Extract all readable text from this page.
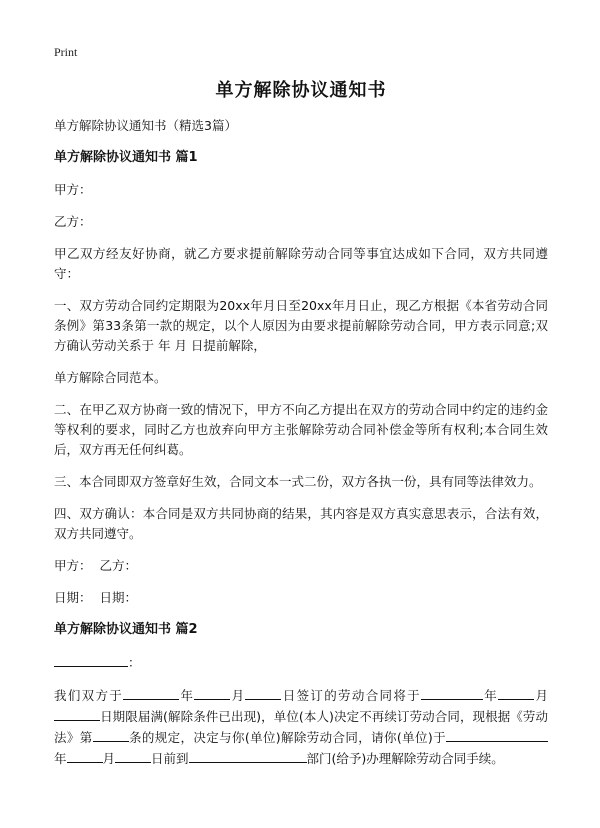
Print
单方解除协议通知书
单方解除协议通知书（精选3篇）
单方解除协议通知书 篇1

甲方：

乙方：

甲乙双方经友好协商，就乙方要求提前解除劳动合同等事宜达成如下合同，双方共同遵守：

一、双方劳动合同约定期限为20xx年月日至20xx年月日止，现乙方根据《本省劳动合同条例》第33条第一款的规定，以个人原因为由要求提前解除劳动合同，甲方表示同意;双方确认劳动关系于 年 月 日提前解除，

单方解除合同范本。

二、在甲乙双方协商一致的情况下，甲方不向乙方提出在双方的劳动合同中约定的违约金等权利的要求，同时乙方也放弃向甲方主张解除劳动合同补偿金等所有权利;本合同生效后，双方再无任何纠葛。

三、本合同即双方签章好生效，合同文本一式二份，双方各执一份，具有同等法律效力。

四、双方确认：本合同是双方共同协商的结果，其内容是双方真实意思表示，合法有效，双方共同遵守。

甲方：  乙方：

日期：  日期：

单方解除协议通知书 篇2

：

我们双方于	年	月	日签订的劳动合同将于	年	月日期限届满(解除条件已出现)，单位(本人)决定不再续订劳动合同，现根据《劳动法》第	条的规定，决定与你(单位)解除劳动合同，请你(单位)于年	月	日前到	部门(给予)办理解除劳动合同手续。
